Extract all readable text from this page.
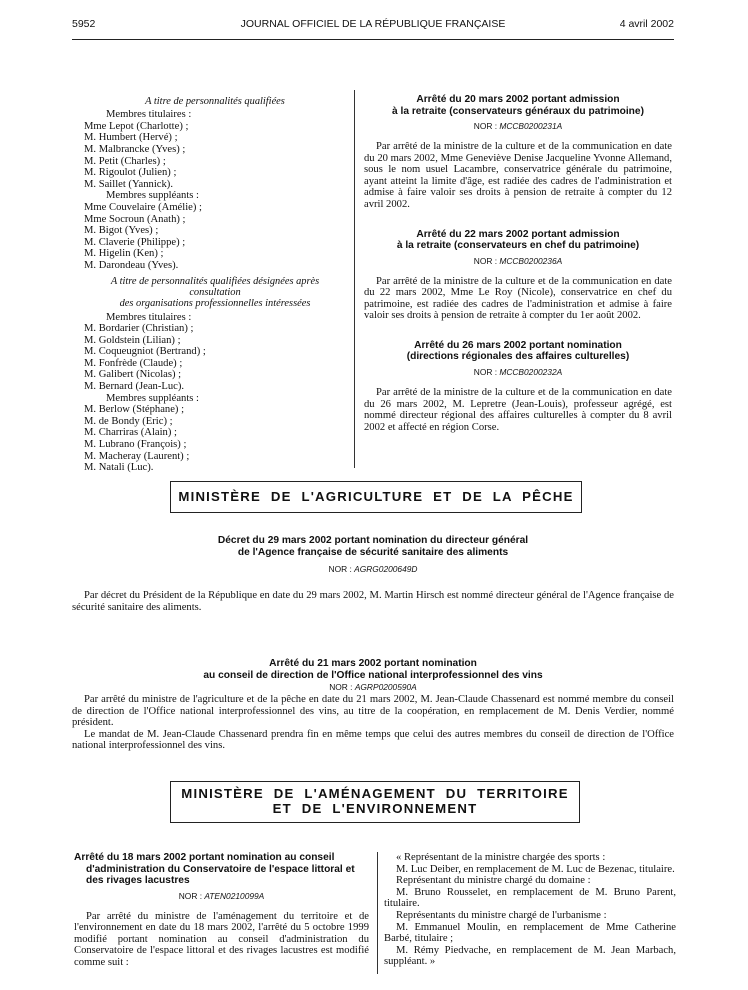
5952	JOURNAL OFFICIEL DE LA RÉPUBLIQUE FRANÇAISE	4 avril 2002
A titre de personnalités qualifiées
Membres titulaires :
Mme Lepot (Charlotte) ;
M. Humbert (Hervé) ;
M. Malbrancke (Yves) ;
M. Petit (Charles) ;
M. Rigoulot (Julien) ;
M. Saillet (Yannick).
Membres suppléants :
Mme Couvelaire (Amélie) ;
Mme Socroun (Anath) ;
M. Bigot (Yves) ;
M. Claverie (Philippe) ;
M. Higelin (Ken) ;
M. Darondeau (Yves).
A titre de personnalités qualifiées désignées après consultation
des organisations professionnelles intéressées
Membres titulaires :
M. Bordarier (Christian) ;
M. Goldstein (Lilian) ;
M. Coqueugniot (Bertrand) ;
M. Fonfrède (Claude) ;
M. Galibert (Nicolas) ;
M. Bernard (Jean-Luc).
Membres suppléants :
M. Berlow (Stéphane) ;
M. de Bondy (Eric) ;
M. Charriras (Alain) ;
M. Lubrano (François) ;
M. Macheray (Laurent) ;
M. Natali (Luc).
Arrêté du 20 mars 2002 portant admission
à la retraite (conservateurs généraux du patrimoine)
NOR : MCCB0200231A
Par arrêté de la ministre de la culture et de la communication en date du 20 mars 2002, Mme Geneviève Denise Jacqueline Yvonne Allemand, sous le nom usuel Lacambre, conservatrice générale du patrimoine, ayant atteint la limite d'âge, est radiée des cadres de l'administration et admise à faire valoir ses droits à pension de retraite à compter du 12 avril 2002.
Arrêté du 22 mars 2002 portant admission
à la retraite (conservateurs en chef du patrimoine)
NOR : MCCB0200236A
Par arrêté de la ministre de la culture et de la communication en date du 22 mars 2002, Mme Le Roy (Nicole), conservatrice en chef du patrimoine, est radiée des cadres de l'administration et admise à faire valoir ses droits à pension de retraite à compter du 1er août 2002.
Arrêté du 26 mars 2002 portant nomination
(directions régionales des affaires culturelles)
NOR : MCCB0200232A
Par arrêté de la ministre de la culture et de la communication en date du 26 mars 2002, M. Lepretre (Jean-Louis), professeur agrégé, est nommé directeur régional des affaires culturelles à compter du 8 avril 2002 et affecté en région Corse.
MINISTÈRE DE L'AGRICULTURE ET DE LA PÊCHE
Décret du 29 mars 2002 portant nomination du directeur général
de l'Agence française de sécurité sanitaire des aliments
NOR : AGRG0200649D
Par décret du Président de la République en date du 29 mars 2002, M. Martin Hirsch est nommé directeur général de l'Agence française de sécurité sanitaire des aliments.
Arrêté du 21 mars 2002 portant nomination
au conseil de direction de l'Office national interprofessionnel des vins
NOR : AGRP0200590A
Par arrêté du ministre de l'agriculture et de la pêche en date du 21 mars 2002, M. Jean-Claude Chassenard est nommé membre du conseil de direction de l'Office national interprofessionnel des vins, au titre de la coopération, en remplacement de M. Denis Verdier, nommé président.
Le mandat de M. Jean-Claude Chassenard prendra fin en même temps que celui des autres membres du conseil de direction de l'Office national interprofessionnel des vins.
MINISTÈRE DE L'AMÉNAGEMENT DU TERRITOIRE
ET DE L'ENVIRONNEMENT
Arrêté du 18 mars 2002 portant nomination au conseil d'administration du Conservatoire de l'espace littoral et des rivages lacustres
NOR : ATEN0210099A
Par arrêté du ministre de l'aménagement du territoire et de l'environnement en date du 18 mars 2002, l'arrêté du 5 octobre 1999 modifié portant nomination au conseil d'administration du Conservatoire de l'espace littoral et des rivages lacustres est modifié comme suit :
« Représentant de la ministre chargée des sports :
M. Luc Deiber, en remplacement de M. Luc de Bezenac, titulaire.
Représentant du ministre chargé du domaine :
M. Bruno Rousselet, en remplacement de M. Bruno Parent, titulaire.
Représentants du ministre chargé de l'urbanisme :
M. Emmanuel Moulin, en remplacement de Mme Catherine Barbé, titulaire ;
M. Rémy Piedvache, en remplacement de M. Jean Marbach, suppléant. »
